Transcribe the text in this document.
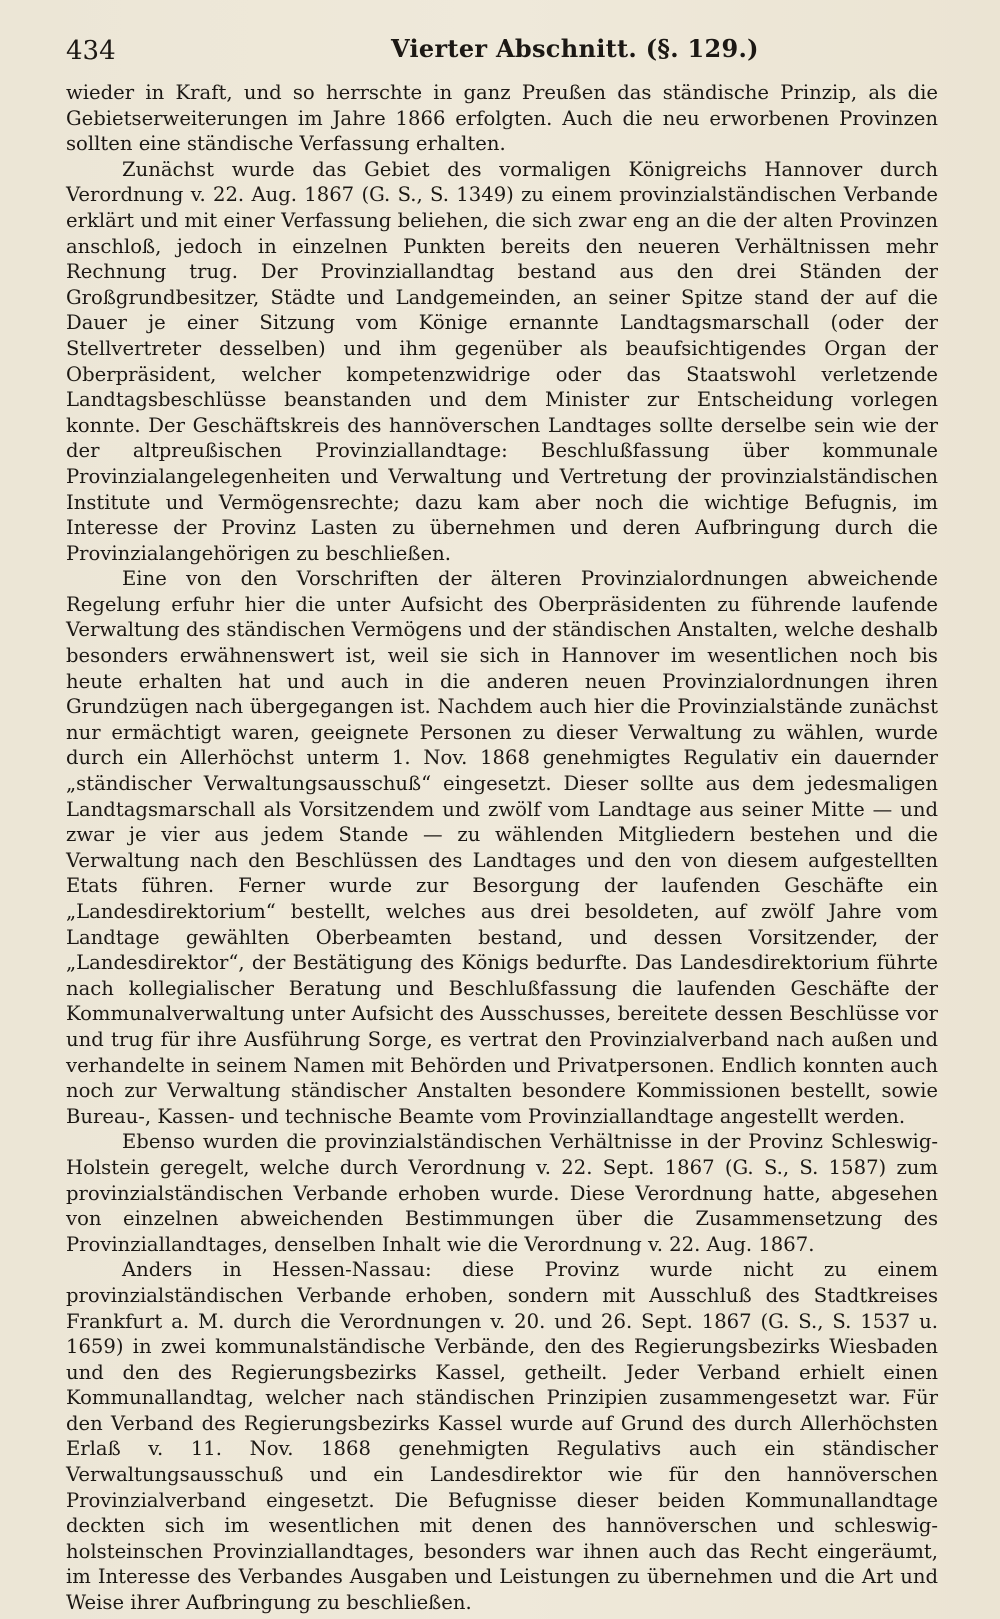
434	Vierter Abschnitt. (§. 129.)

wieder in Kraft, und so herrschte in ganz Preußen das ständische Prinzip, als die Gebietserweiterungen im Jahre 1866 erfolgten. Auch die neu erworbenen Provinzen sollten eine ständische Verfassung erhalten.

Zunächst wurde das Gebiet des vormaligen Königreichs Hannover durch Verordnung v. 22. Aug. 1867 (G. S., S. 1349) zu einem provinzialständischen Verbande erklärt und mit einer Verfassung beliehen, die sich zwar eng an die der alten Provinzen anschloß, jedoch in einzelnen Punkten bereits den neueren Verhältnissen mehr Rechnung trug. Der Provinziallandtag bestand aus den drei Ständen der Großgrundbesitzer, Städte und Landgemeinden, an seiner Spitze stand der auf die Dauer je einer Sitzung vom Könige ernannte Landtagsmarschall (oder der Stellvertreter desselben) und ihm gegenüber als beaufsichtigendes Organ der Oberpräsident, welcher kompetenzwidrige oder das Staatswohl verletzende Landtagsbeschlüsse beanstanden und dem Minister zur Entscheidung vorlegen konnte. Der Geschäftskreis des hannöverschen Landtages sollte derselbe sein wie der der altpreußischen Provinziallandtage: Beschlußfassung über kommunale Provinzialangelegenheiten und Verwaltung und Vertretung der provinzialständischen Institute und Vermögensrechte; dazu kam aber noch die wichtige Befugnis, im Interesse der Provinz Lasten zu übernehmen und deren Aufbringung durch die Provinzialangehörigen zu beschließen.

Eine von den Vorschriften der älteren Provinzialordnungen abweichende Regelung erfuhr hier die unter Aufsicht des Oberpräsidenten zu führende laufende Verwaltung des ständischen Vermögens und der ständischen Anstalten, welche deshalb besonders erwähnenswert ist, weil sie sich in Hannover im wesentlichen noch bis heute erhalten hat und auch in die anderen neuen Provinzialordnungen ihren Grundzügen nach übergegangen ist. Nachdem auch hier die Provinzialstände zunächst nur ermächtigt waren, geeignete Personen zu dieser Verwaltung zu wählen, wurde durch ein Allerhöchst unterm 1. Nov. 1868 genehmigtes Regulativ ein dauernder „ständischer Verwaltungsausschuß“ eingesetzt. Dieser sollte aus dem jedesmaligen Landtagsmarschall als Vorsitzendem und zwölf vom Landtage aus seiner Mitte — und zwar je vier aus jedem Stande — zu wählenden Mitgliedern bestehen und die Verwaltung nach den Beschlüssen des Landtages und den von diesem aufgestellten Etats führen. Ferner wurde zur Besorgung der laufenden Geschäfte ein „Landesdirektorium“ bestellt, welches aus drei besoldeten, auf zwölf Jahre vom Landtage gewählten Oberbeamten bestand, und dessen Vorsitzender, der „Landesdirektor“, der Bestätigung des Königs bedurfte. Das Landesdirektorium führte nach kollegialischer Beratung und Beschlußfassung die laufenden Geschäfte der Kommunalverwaltung unter Aufsicht des Ausschusses, bereitete dessen Beschlüsse vor und trug für ihre Ausführung Sorge, es vertrat den Provinzialverband nach außen und verhandelte in seinem Namen mit Behörden und Privatpersonen. Endlich konnten auch noch zur Verwaltung ständischer Anstalten besondere Kommissionen bestellt, sowie Bureau-, Kassen- und technische Beamte vom Provinziallandtage angestellt werden.

Ebenso wurden die provinzialständischen Verhältnisse in der Provinz Schleswig-Holstein geregelt, welche durch Verordnung v. 22. Sept. 1867 (G. S., S. 1587) zum provinzialständischen Verbande erhoben wurde. Diese Verordnung hatte, abgesehen von einzelnen abweichenden Bestimmungen über die Zusammensetzung des Provinziallandtages, denselben Inhalt wie die Verordnung v. 22. Aug. 1867.

Anders in Hessen-Nassau: diese Provinz wurde nicht zu einem provinzialständischen Verbande erhoben, sondern mit Ausschluß des Stadtkreises Frankfurt a. M. durch die Verordnungen v. 20. und 26. Sept. 1867 (G. S., S. 1537 u. 1659) in zwei kommunalständische Verbände, den des Regierungsbezirks Wiesbaden und den des Regierungsbezirks Kassel, getheilt. Jeder Verband erhielt einen Kommunallandtag, welcher nach ständischen Prinzipien zusammengesetzt war. Für den Verband des Regierungsbezirks Kassel wurde auf Grund des durch Allerhöchsten Erlaß v. 11. Nov. 1868 genehmigten Regulativs auch ein ständischer Verwaltungsausschuß und ein Landesdirektor wie für den hannöverschen Provinzialverband eingesetzt. Die Befugnisse dieser beiden Kommunallandtage deckten sich im wesentlichen mit denen des hannöverschen und schleswig-holsteinschen Provinziallandtages, besonders war ihnen auch das Recht eingeräumt, im Interesse des Verbandes Ausgaben und Leistungen zu übernehmen und die Art und Weise ihrer Aufbringung zu beschließen.
